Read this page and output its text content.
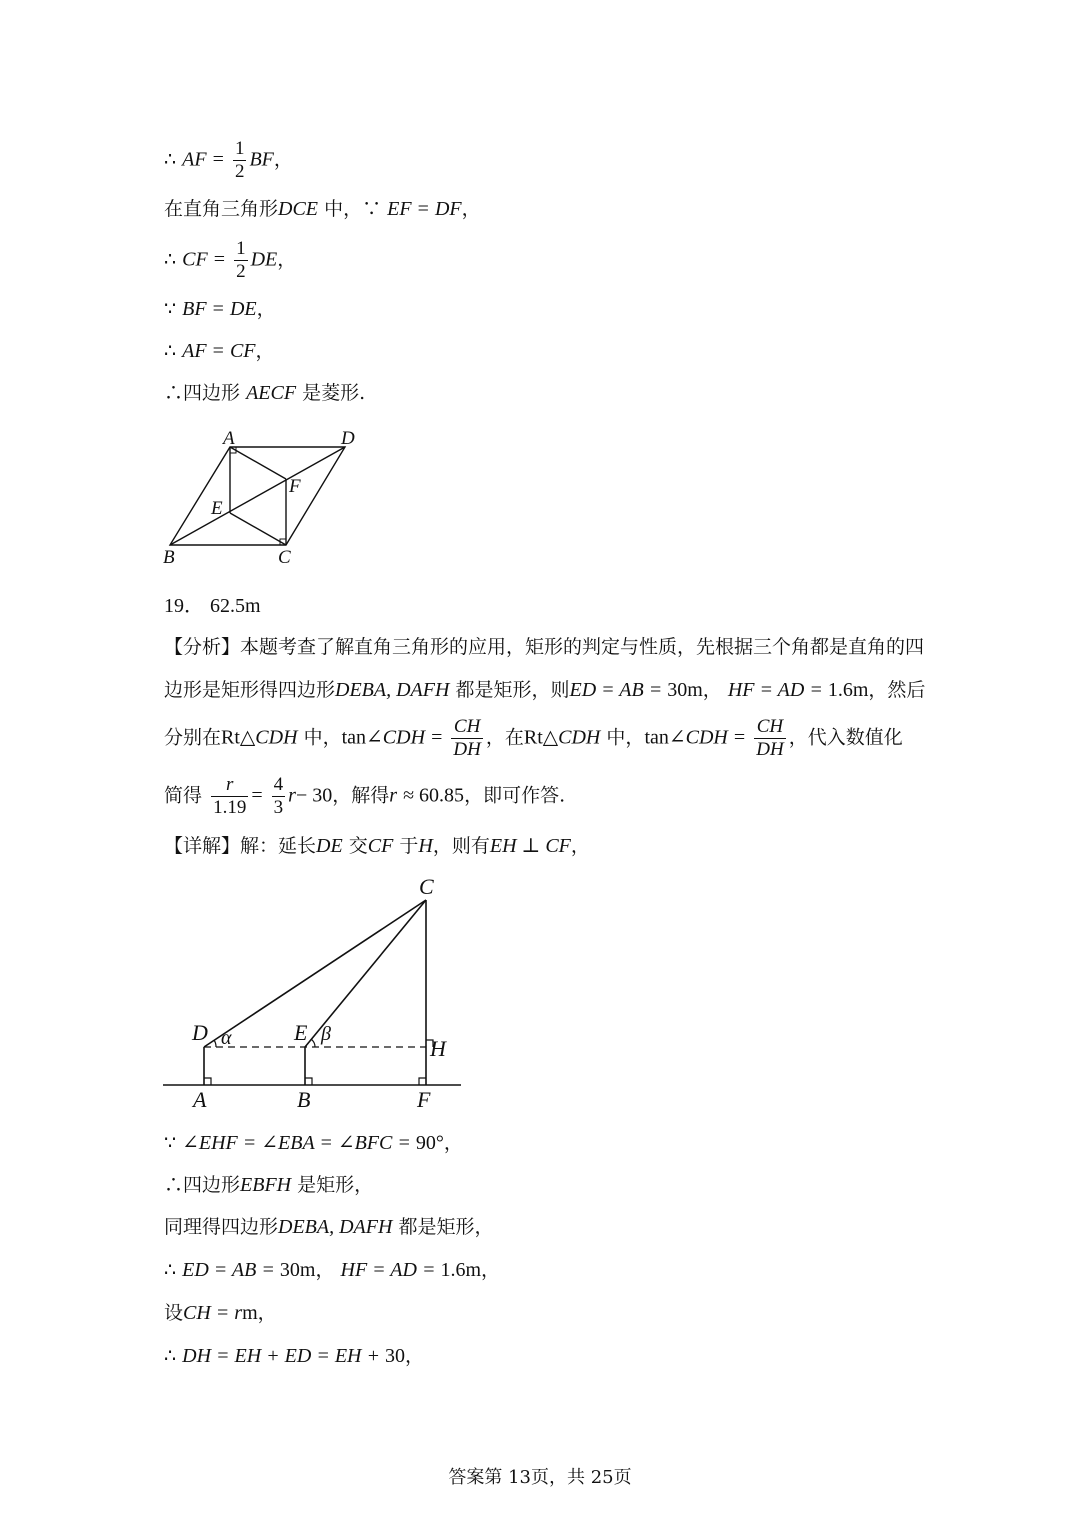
∴ AF = $\frac{1}{2}$ BF，
在直角三角形DCE 中，∵ EF = DF，
∴ CF = $\frac{1}{2}$ DE，
∵ BF = DE，
∴ AF = CF，
∴四边形 AECF 是菱形.
A	D
F
E
B	C
19． 62.5m
【分析】本题考查了解直角三角形的应用，矩形的判定与性质，先根据三个角都是直角的四
边形是矩形得四边形DEBA, DAFH 都是矩形，则ED = AB = 30m， HF = AD = 1.6m，然后
分别在Rt△CDH 中，tan∠CDH = $\frac{CH}{DH}$ ，在Rt△CDH 中，tan∠CDH = $\frac{CH}{DH}$ ，代入数值化
简得 $\frac{r}{1.19} = \frac{4}{3} r- 30$，解得r ≈ 60.85，即可作答.
【详解】解：延长DE 交CF 于H，则有EH ⊥ CF，
C
D α	E β
H
A	B	F
∵ ∠EHF = ∠EBA = ∠BFC = 90°，
∴四边形EBFH 是矩形，
同理得四边形DEBA, DAFH 都是矩形，
∴ ED = AB = 30m， HF = AD = 1.6m，
设CH = rm，
∴ DH = EH + ED = EH + 30，
答案第 13页，共 25页
